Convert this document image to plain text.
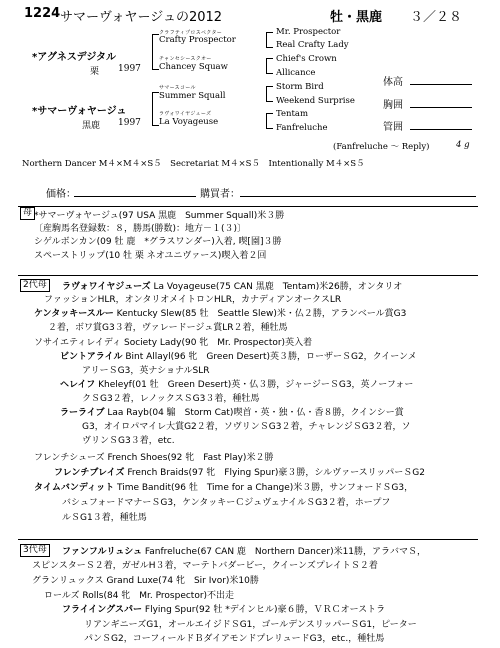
1224 サマーヴォヤージュの2012	牡・黒鹿 ３／２８
*アグネスデジタル
栗 1997
*サマーヴォヤージュ
黒鹿 1997
クラフティプロスペクター
Crafty Prospector
チャンセシースクオー
Chancey Squaw
サマースコール
Summer Squall
ラヴォワイヤジューズ
La Voyageuse
Mr. Prospector
Real Crafty Lady
Chief's Crown
Allicance
Storm Bird
Weekend Surprise
Tentam
Fanfreluche
体高
胸囲
管囲
(Fanfreluche ～ Reply)	4 g
Northern Dancer M４×M４×S５　Secretariat M４×S５　Intentionally M４×S５
価格：	購買者：
母 *サマーヴォヤージュ(97 USA 黒鹿　Summer Squall)米３勝
〔産駒馬名登録数：８，勝馬(勝数)：地方－１(３)〕
シゲルボンカン(09 牡 鹿　*グラスワンダー)入着, 喫[園]３勝
スペーストリップ(10 牡 栗 ネオユニヴァース)喫入着２回
2代母	ラヴォワイヤジューズ La Voyageuse(75 CAN 黒鹿　Tentam)米26勝，オンタリオ
ファッションHLR，オンタリオメイトロンHLR，カナディアンオークスLR
ケンタッキースルー Kentucky Slew(85 牡　Seattle Slew)米・仏２勝，アランベール賞G3
２着，ボワ賞G3３着，ヴァレードージュ賞LR２着，種牡馬
ソサイエティレイディ Society Lady(90 牝　Mr. Prospector)英入着
ビントアライル Bint Allayl(96 牝　Green Desert)英３勝，ローザーＳG2，クイーンメ
アリーＳG3，英ナショナルSLR
ヘレイフ Kheleyf(01 牡　Green Desert)英・仏３勝，ジャージーＳG3，英ノーフォー
クＳG3２着，レノックスＳG3３着，種牡馬
ラーライブ Laa Rayb(04 騸　Storm Cat)喫首・英・独・仏・香８勝，クインシー賞
G3，オイロパマイレ大賞G2２着，ソヴリンＳG3２着，チャレンジＳG3２着，ソ
ヴリンＳG3３着，etc.
フレンチシューズ French Shoes(92 牝　Fast Play)米２勝
フレンチブレイズ French Braids(97 牝　Flying Spur)豪３勝，シルヴァースリッパーＳG2
タイムバンディット Time Bandit(96 牡　Time for a Change)米３勝，サンフォードＳG3，
バシュフォードマナーＳG3，ケンタッキーＣジュヴェナイルＳG3２着，ホープフ
ルＳG1３着，種牡馬
3代母	ファンフルリュシュ Fanfreluche(67 CAN 鹿　Northern Dancer)米11勝，アラバマＳ，
スピンスターＳ２着，ガゼルH３着，マーテトバダービー，クイーンズプレイトＳ２着
グランリュックス Grand Luxe(74 牝　Sir Ivor)米10勝
ロールズ Rolls(84 牝　Mr. Prospector)不出走
フライイングスパー Flying Spur(92 牡 *デインヒル)豪６勝，ＶＲＣオーストラ
リアンギニーズG1，オールエイジドＳG1，ゴールデンスリッパーＳG1，ピーター
パンＳG2，コーフィールドＢダイアモンドプレリュードG3，etc.，種牡馬
